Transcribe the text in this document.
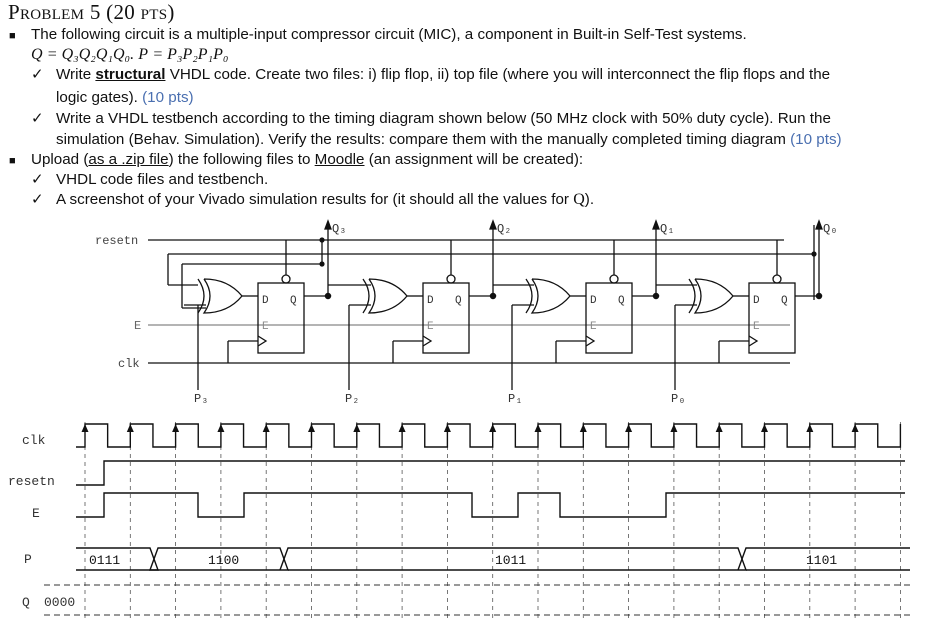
Problem 5 (20 pts)
■ The following circuit is a multiple-input compressor circuit (MIC), a component in Built-in Self-Test systems.
Q = Q₃Q₂Q₁Q₀. P = P₃P₂P₁P₀
✓ Write structural VHDL code. Create two files: i) flip flop, ii) top file (where you will interconnect the flip flops and the
logic gates). (10 pts)
✓ Write a VHDL testbench according to the timing diagram shown below (50 MHz clock with 50% duty cycle). Run the
simulation (Behav. Simulation). Verify the results: compare them with the manually completed timing diagram (10 pts)
■ Upload (as a .zip file) the following files to Moodle (an assignment will be created):
✓ VHDL code files and testbench.
✓ A screenshot of your Vivado simulation results for (it should all the values for Q).
D Q
E
Q₃
P₃
D Q
E
Q₂
P₂
D Q
E
Q₁
P₁
D Q
E
Q₀
P₀
resetn
E
clk
clk
resetn
E
P
Q 0000
0111	1100	1011	1101
